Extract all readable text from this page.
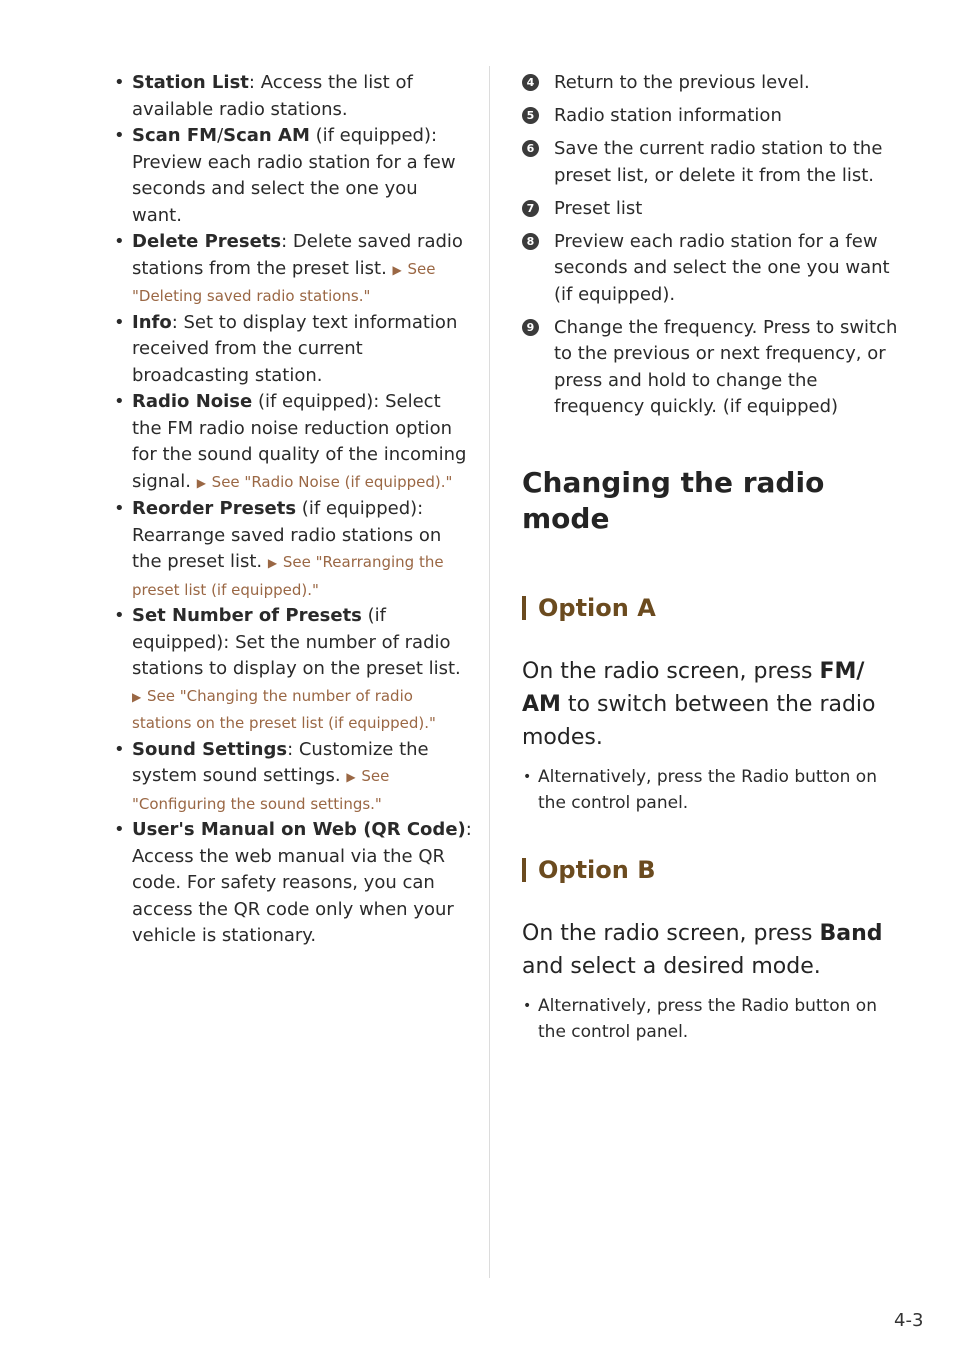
• Station List: Access the list of available radio stations.

• Scan FM/Scan AM (if equipped): Preview each radio station for a few seconds and select the one you want.

• Delete Presets: Delete saved radio stations from the preset list. ▶ See "Deleting saved radio stations."

• Info: Set to display text information received from the current broadcasting station.

• Radio Noise (if equipped): Select the FM radio noise reduction option for the sound quality of the incoming signal. ▶ See "Radio Noise (if equipped)."

• Reorder Presets (if equipped): Rearrange saved radio stations on the preset list. ▶ See "Rearranging the preset list (if equipped)."

• Set Number of Presets (if equipped): Set the number of radio stations to display on the preset list. ▶ See "Changing the number of radio stations on the preset list (if equipped)."

• Sound Settings: Customize the system sound settings. ▶ See "Configuring the sound settings."

• User's Manual on Web (QR Code): Access the web manual via the QR code. For safety reasons, you can access the QR code only when your vehicle is stationary.

4 Return to the previous level.

5 Radio station information

6 Save the current radio station to the preset list, or delete it from the list.

7 Preset list

8 Preview each radio station for a few seconds and select the one you want (if equipped).

9 Change the frequency. Press to switch to the previous or next frequency, or press and hold to change the frequency quickly. (if equipped)

Changing the radio mode
Option A

On the radio screen, press FM/ AM to switch between the radio modes.

• Alternatively, press the Radio button on the control panel.

Option B

On the radio screen, press Band and select a desired mode.

• Alternatively, press the Radio button on the control panel.

4-3
